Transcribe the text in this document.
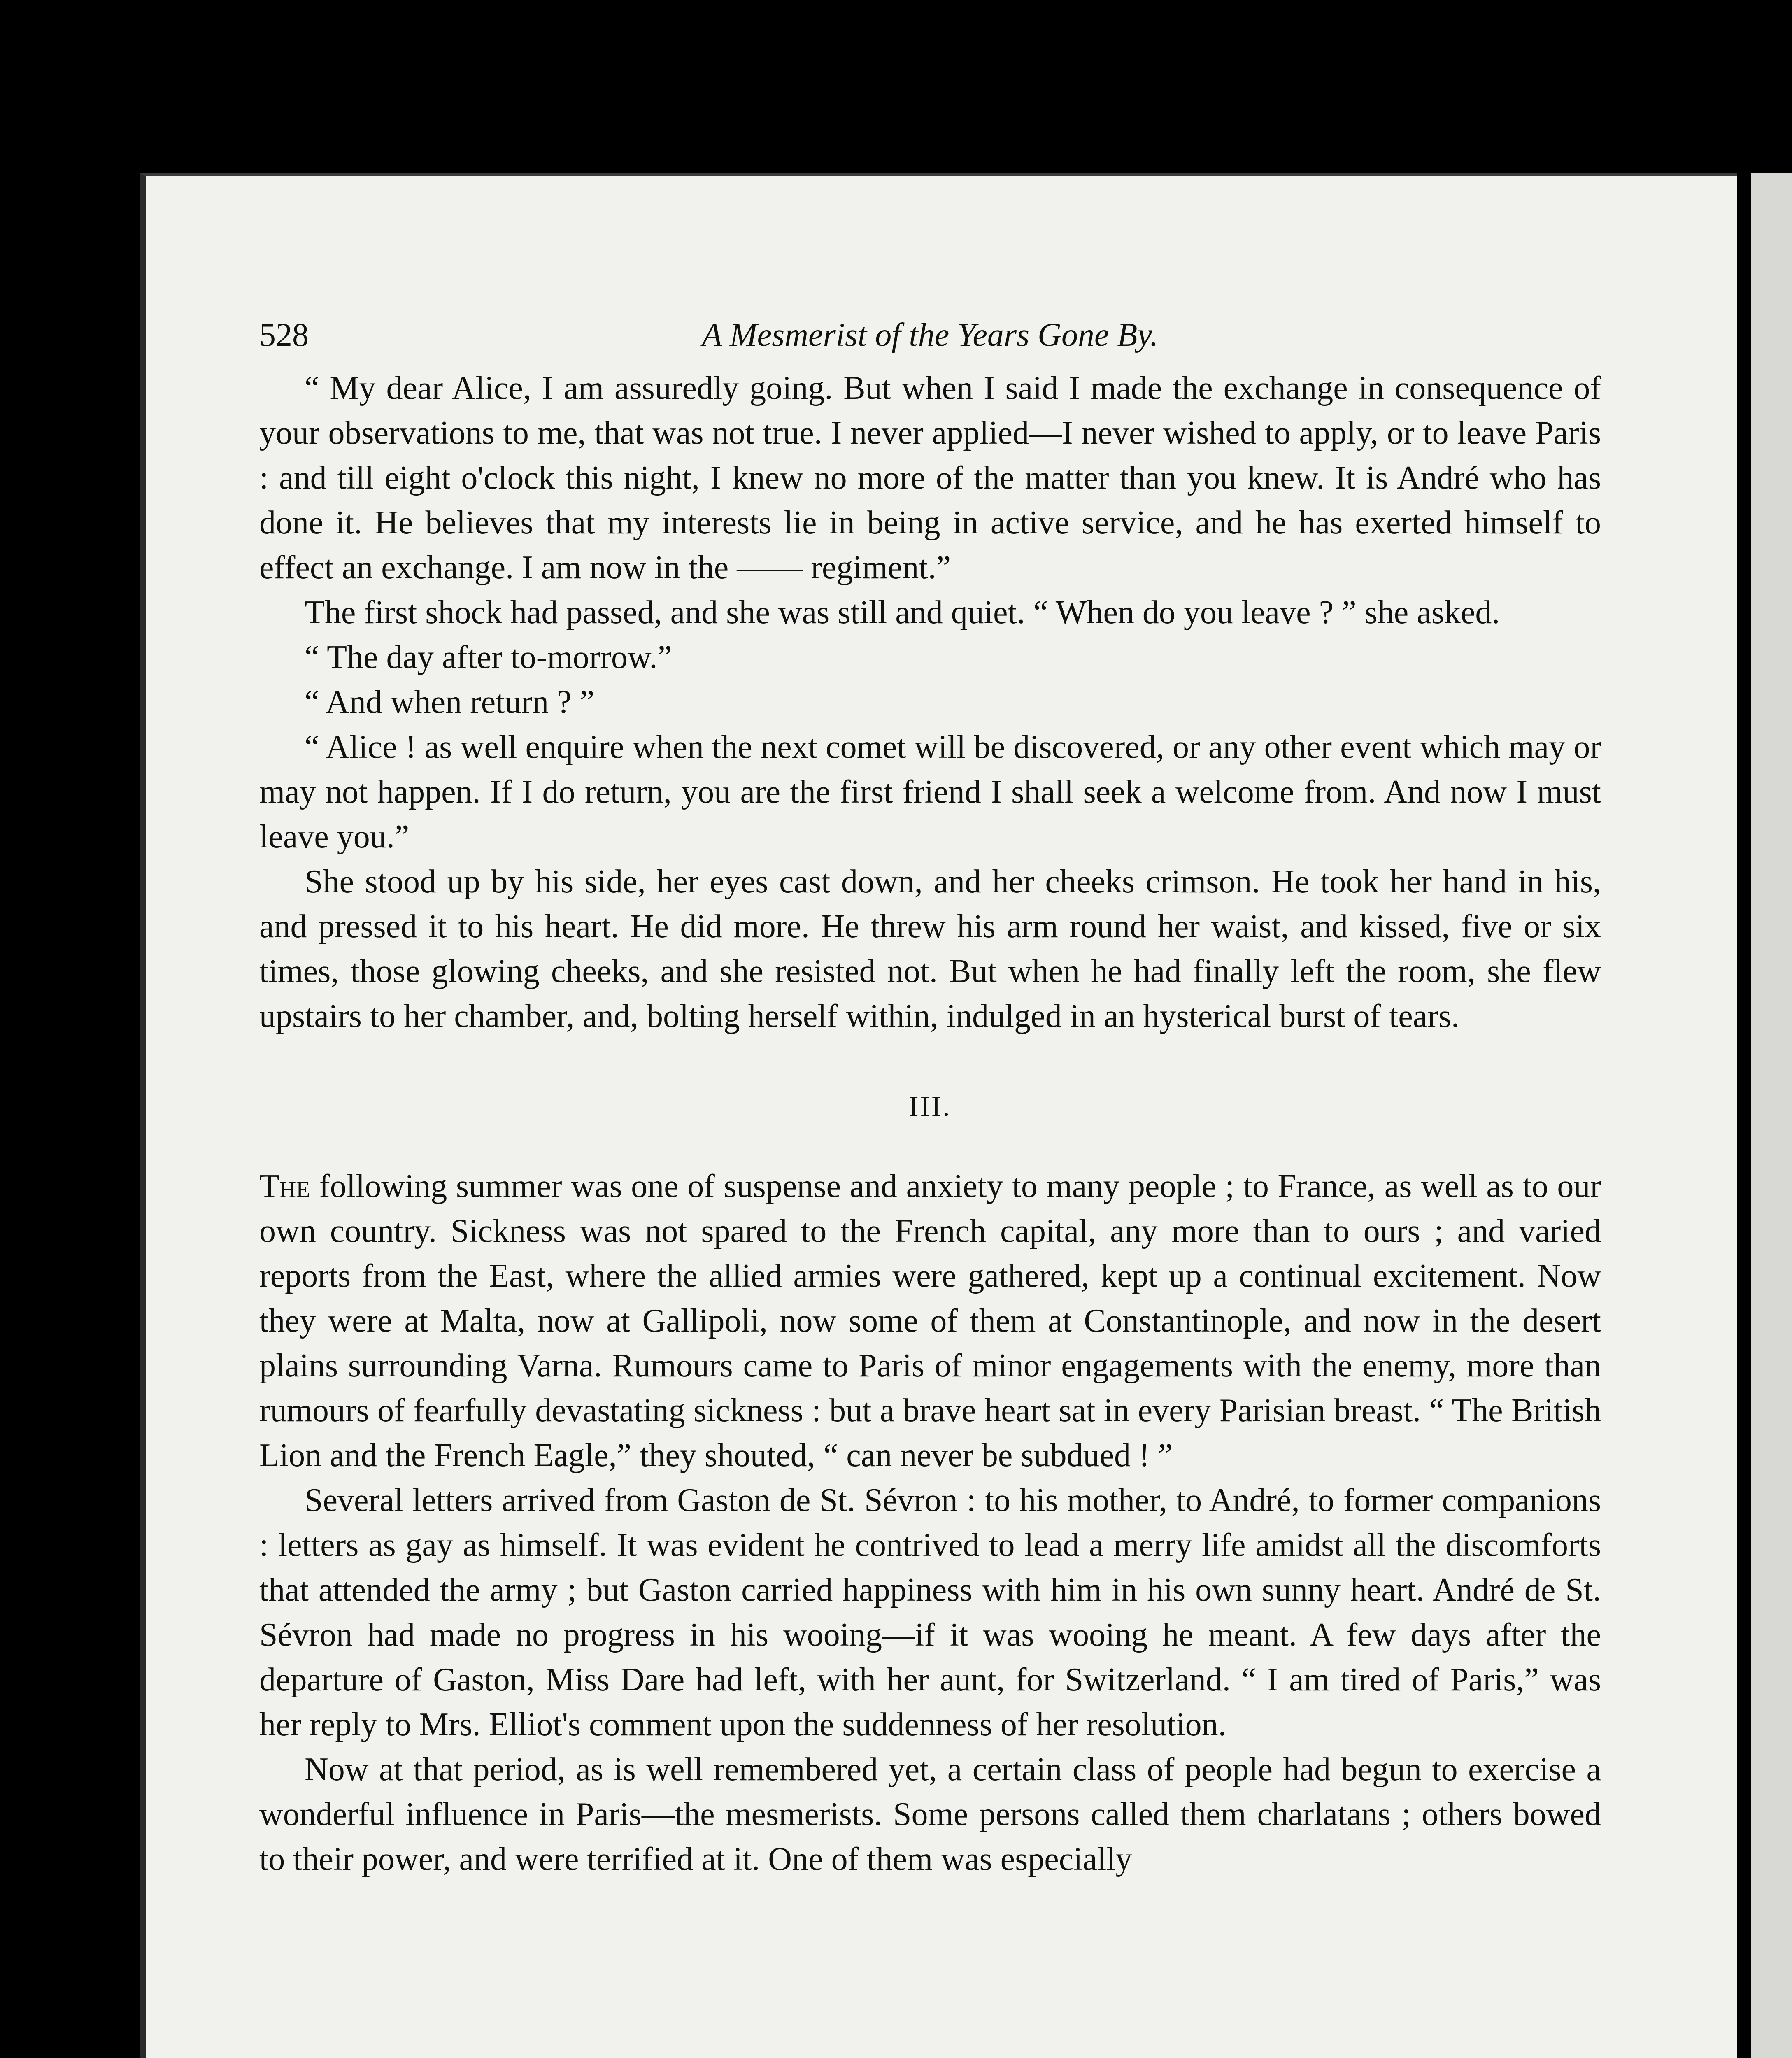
528	A Mesmerist of the Years Gone By.

“ My dear Alice, I am assuredly going. But when I said I made the exchange in consequence of your observations to me, that was not true. I never applied—I never wished to apply, or to leave Paris : and till eight o'clock this night, I knew no more of the matter than you knew. It is André who has done it. He believes that my interests lie in being in active service, and he has exerted himself to effect an exchange. I am now in the —— regiment.”

The first shock had passed, and she was still and quiet. “ When do you leave ? ” she asked.

“ The day after to-morrow.”

“ And when return ? ”

“ Alice ! as well enquire when the next comet will be discovered, or any other event which may or may not happen. If I do return, you are the first friend I shall seek a welcome from. And now I must leave you.”

She stood up by his side, her eyes cast down, and her cheeks crimson. He took her hand in his, and pressed it to his heart. He did more. He threw his arm round her waist, and kissed, five or six times, those glowing cheeks, and she resisted not. But when he had finally left the room, she flew upstairs to her chamber, and, bolting herself within, indulged in an hysterical burst of tears.

III.

The following summer was one of suspense and anxiety to many people ; to France, as well as to our own country. Sickness was not spared to the French capital, any more than to ours ; and varied reports from the East, where the allied armies were gathered, kept up a continual excitement. Now they were at Malta, now at Gallipoli, now some of them at Constantinople, and now in the desert plains surrounding Varna. Rumours came to Paris of minor engagements with the enemy, more than rumours of fearfully devastating sickness : but a brave heart sat in every Parisian breast. “ The British Lion and the French Eagle,” they shouted, “ can never be subdued ! ”

Several letters arrived from Gaston de St. Sévron : to his mother, to André, to former companions : letters as gay as himself. It was evident he contrived to lead a merry life amidst all the discomforts that attended the army ; but Gaston carried happiness with him in his own sunny heart. André de St. Sévron had made no progress in his wooing—if it was wooing he meant. A few days after the departure of Gaston, Miss Dare had left, with her aunt, for Switzerland. “ I am tired of Paris,” was her reply to Mrs. Elliot's comment upon the suddenness of her resolution.

Now at that period, as is well remembered yet, a certain class of people had begun to exercise a wonderful influence in Paris—the mesmerists. Some persons called them charlatans ; others bowed to their power, and were terrified at it. One of them was especially
